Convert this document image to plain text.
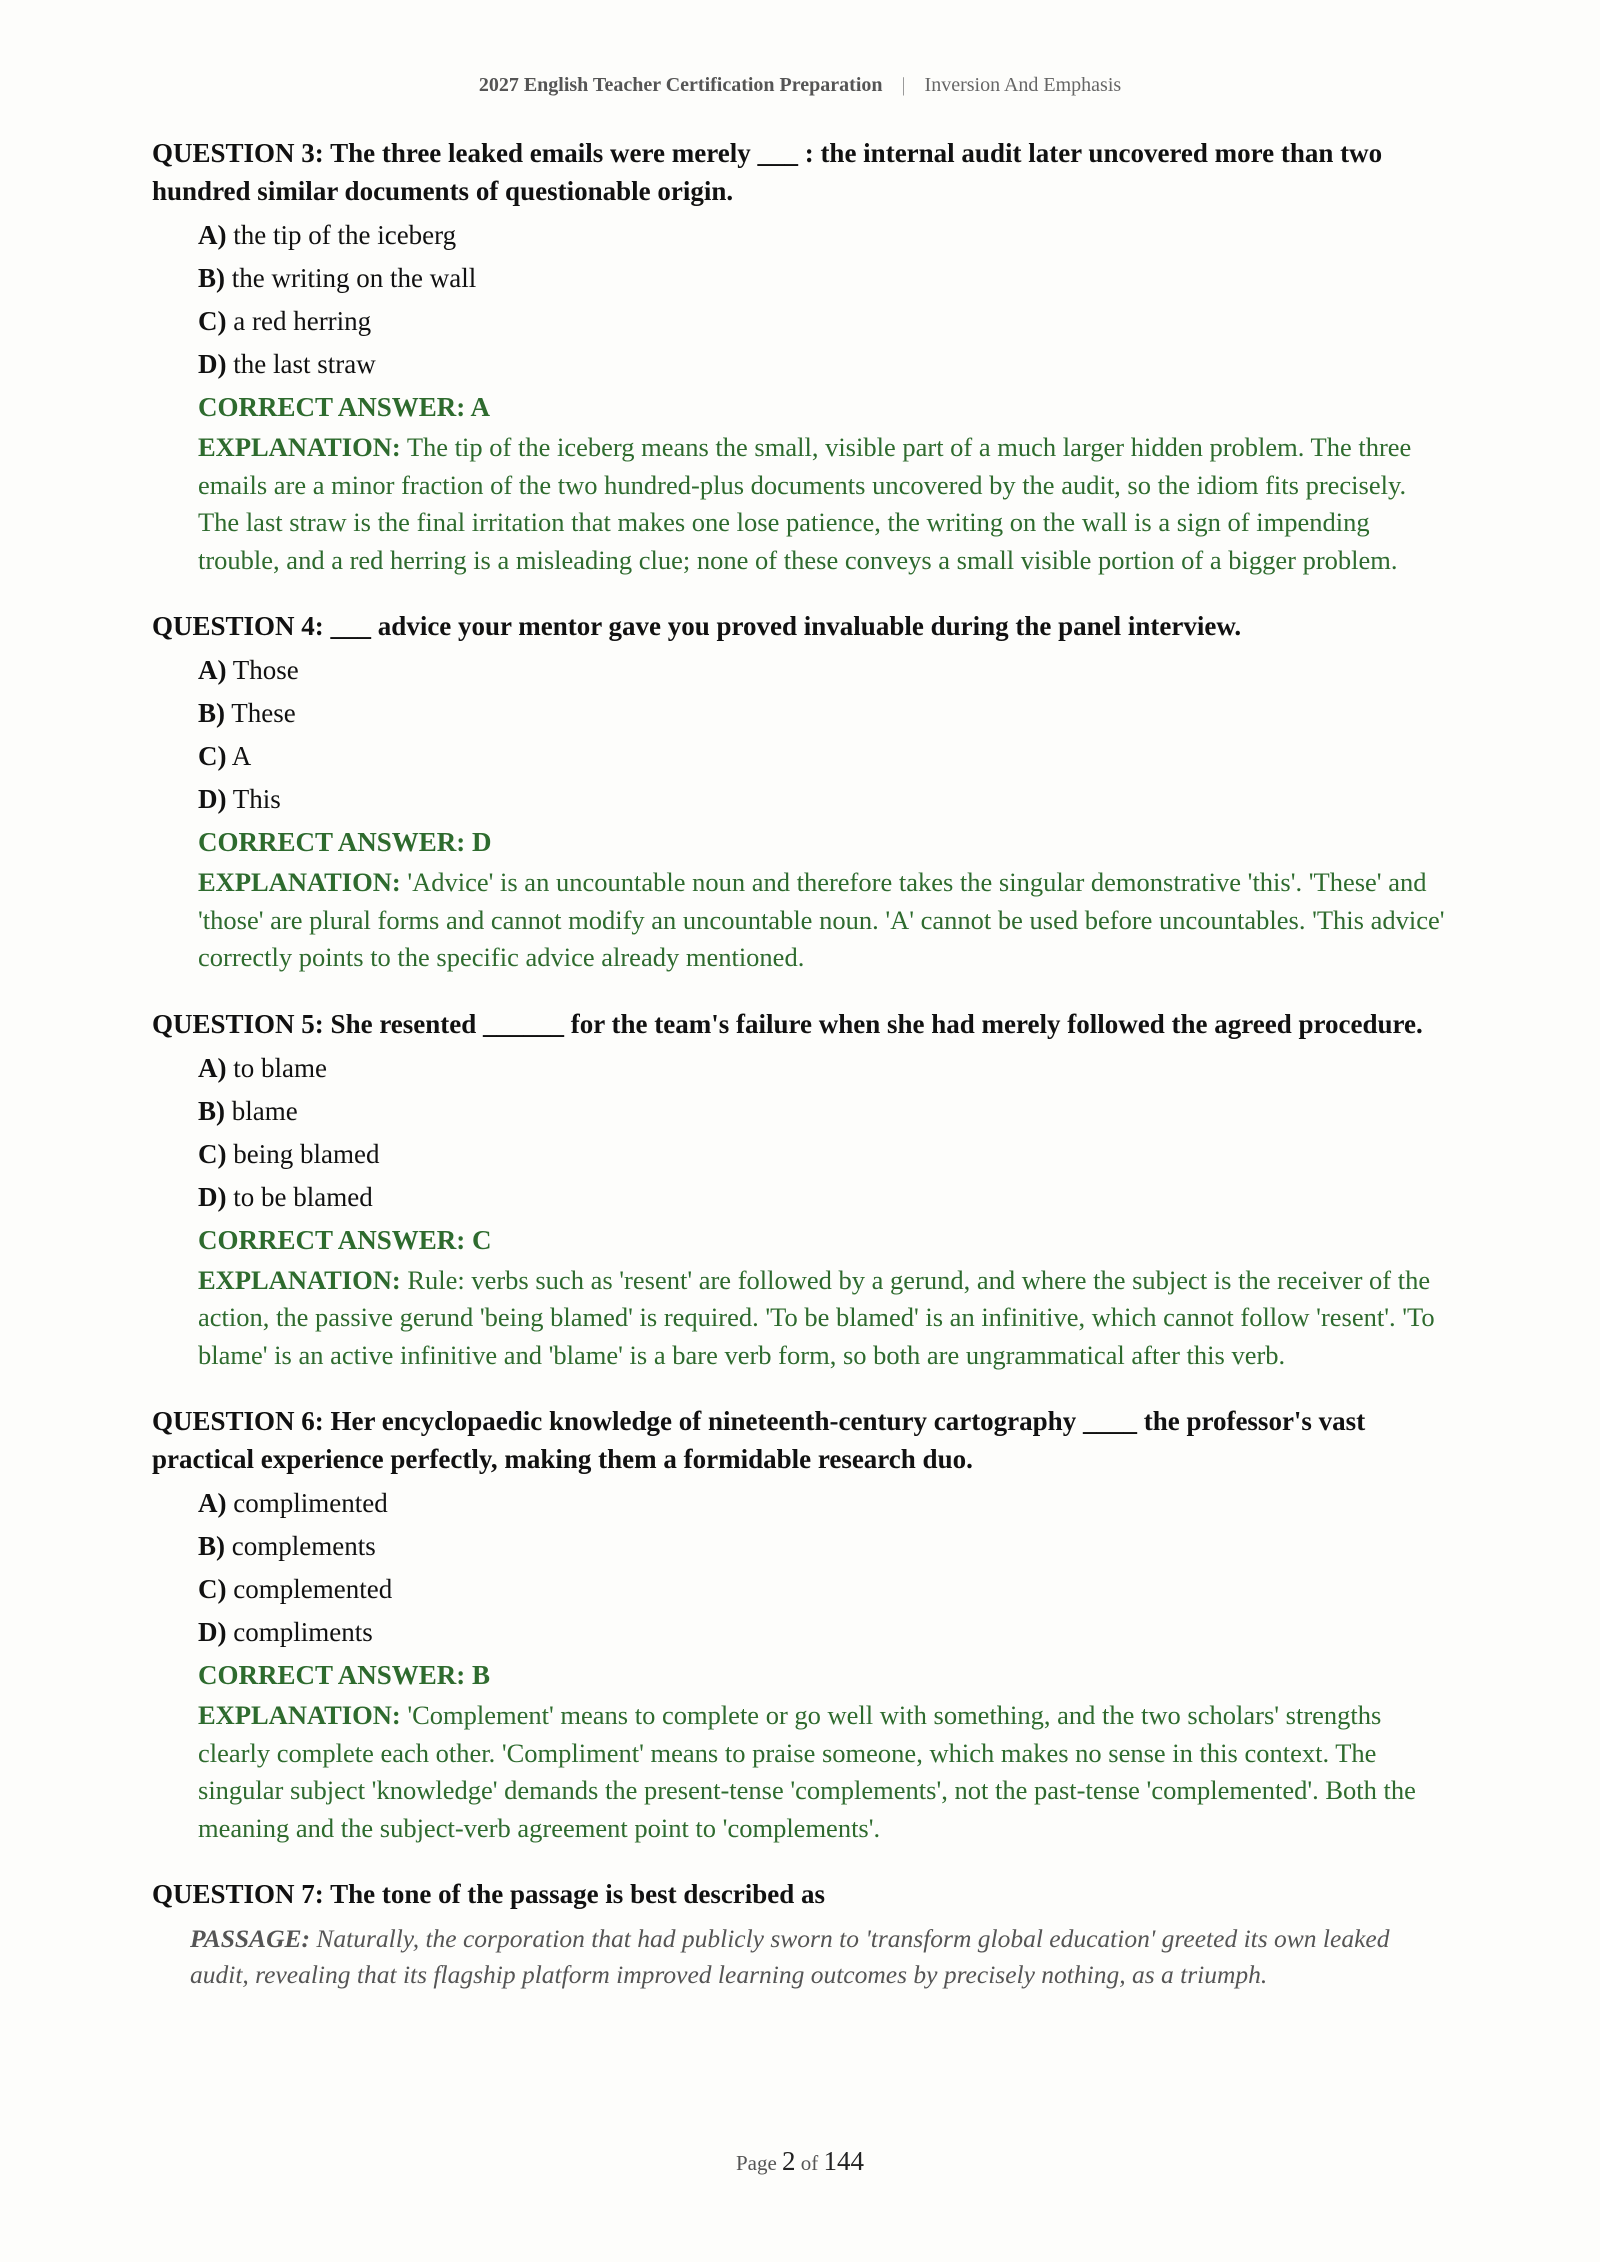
2027 English Teacher Certification Preparation | Inversion And Emphasis

QUESTION 3: The three leaked emails were merely ___ : the internal audit later uncovered more than two hundred similar documents of questionable origin.

A) the tip of the iceberg
B) the writing on the wall
C) a red herring
D) the last straw

CORRECT ANSWER: A

EXPLANATION: The tip of the iceberg means the small, visible part of a much larger hidden problem. The three emails are a minor fraction of the two hundred-plus documents uncovered by the audit, so the idiom fits precisely. The last straw is the final irritation that makes one lose patience, the writing on the wall is a sign of impending trouble, and a red herring is a misleading clue; none of these conveys a small visible portion of a bigger problem.

QUESTION 4: ___ advice your mentor gave you proved invaluable during the panel interview.

A) Those
B) These
C) A
D) This

CORRECT ANSWER: D

EXPLANATION: 'Advice' is an uncountable noun and therefore takes the singular demonstrative 'this'. 'These' and 'those' are plural forms and cannot modify an uncountable noun. 'A' cannot be used before uncountables. 'This advice' correctly points to the specific advice already mentioned.

QUESTION 5: She resented ______ for the team's failure when she had merely followed the agreed procedure.

A) to blame
B) blame
C) being blamed
D) to be blamed

CORRECT ANSWER: C

EXPLANATION: Rule: verbs such as 'resent' are followed by a gerund, and where the subject is the receiver of the action, the passive gerund 'being blamed' is required. 'To be blamed' is an infinitive, which cannot follow 'resent'. 'To blame' is an active infinitive and 'blame' is a bare verb form, so both are ungrammatical after this verb.

QUESTION 6: Her encyclopaedic knowledge of nineteenth-century cartography ____ the professor's vast practical experience perfectly, making them a formidable research duo.

A) complimented
B) complements
C) complemented
D) compliments

CORRECT ANSWER: B

EXPLANATION: 'Complement' means to complete or go well with something, and the two scholars' strengths clearly complete each other. 'Compliment' means to praise someone, which makes no sense in this context. The singular subject 'knowledge' demands the present-tense 'complements', not the past-tense 'complemented'. Both the meaning and the subject-verb agreement point to 'complements'.

QUESTION 7: The tone of the passage is best described as

PASSAGE: Naturally, the corporation that had publicly sworn to 'transform global education' greeted its own leaked audit, revealing that its flagship platform improved learning outcomes by precisely nothing, as a triumph.

Page 2 of 144
